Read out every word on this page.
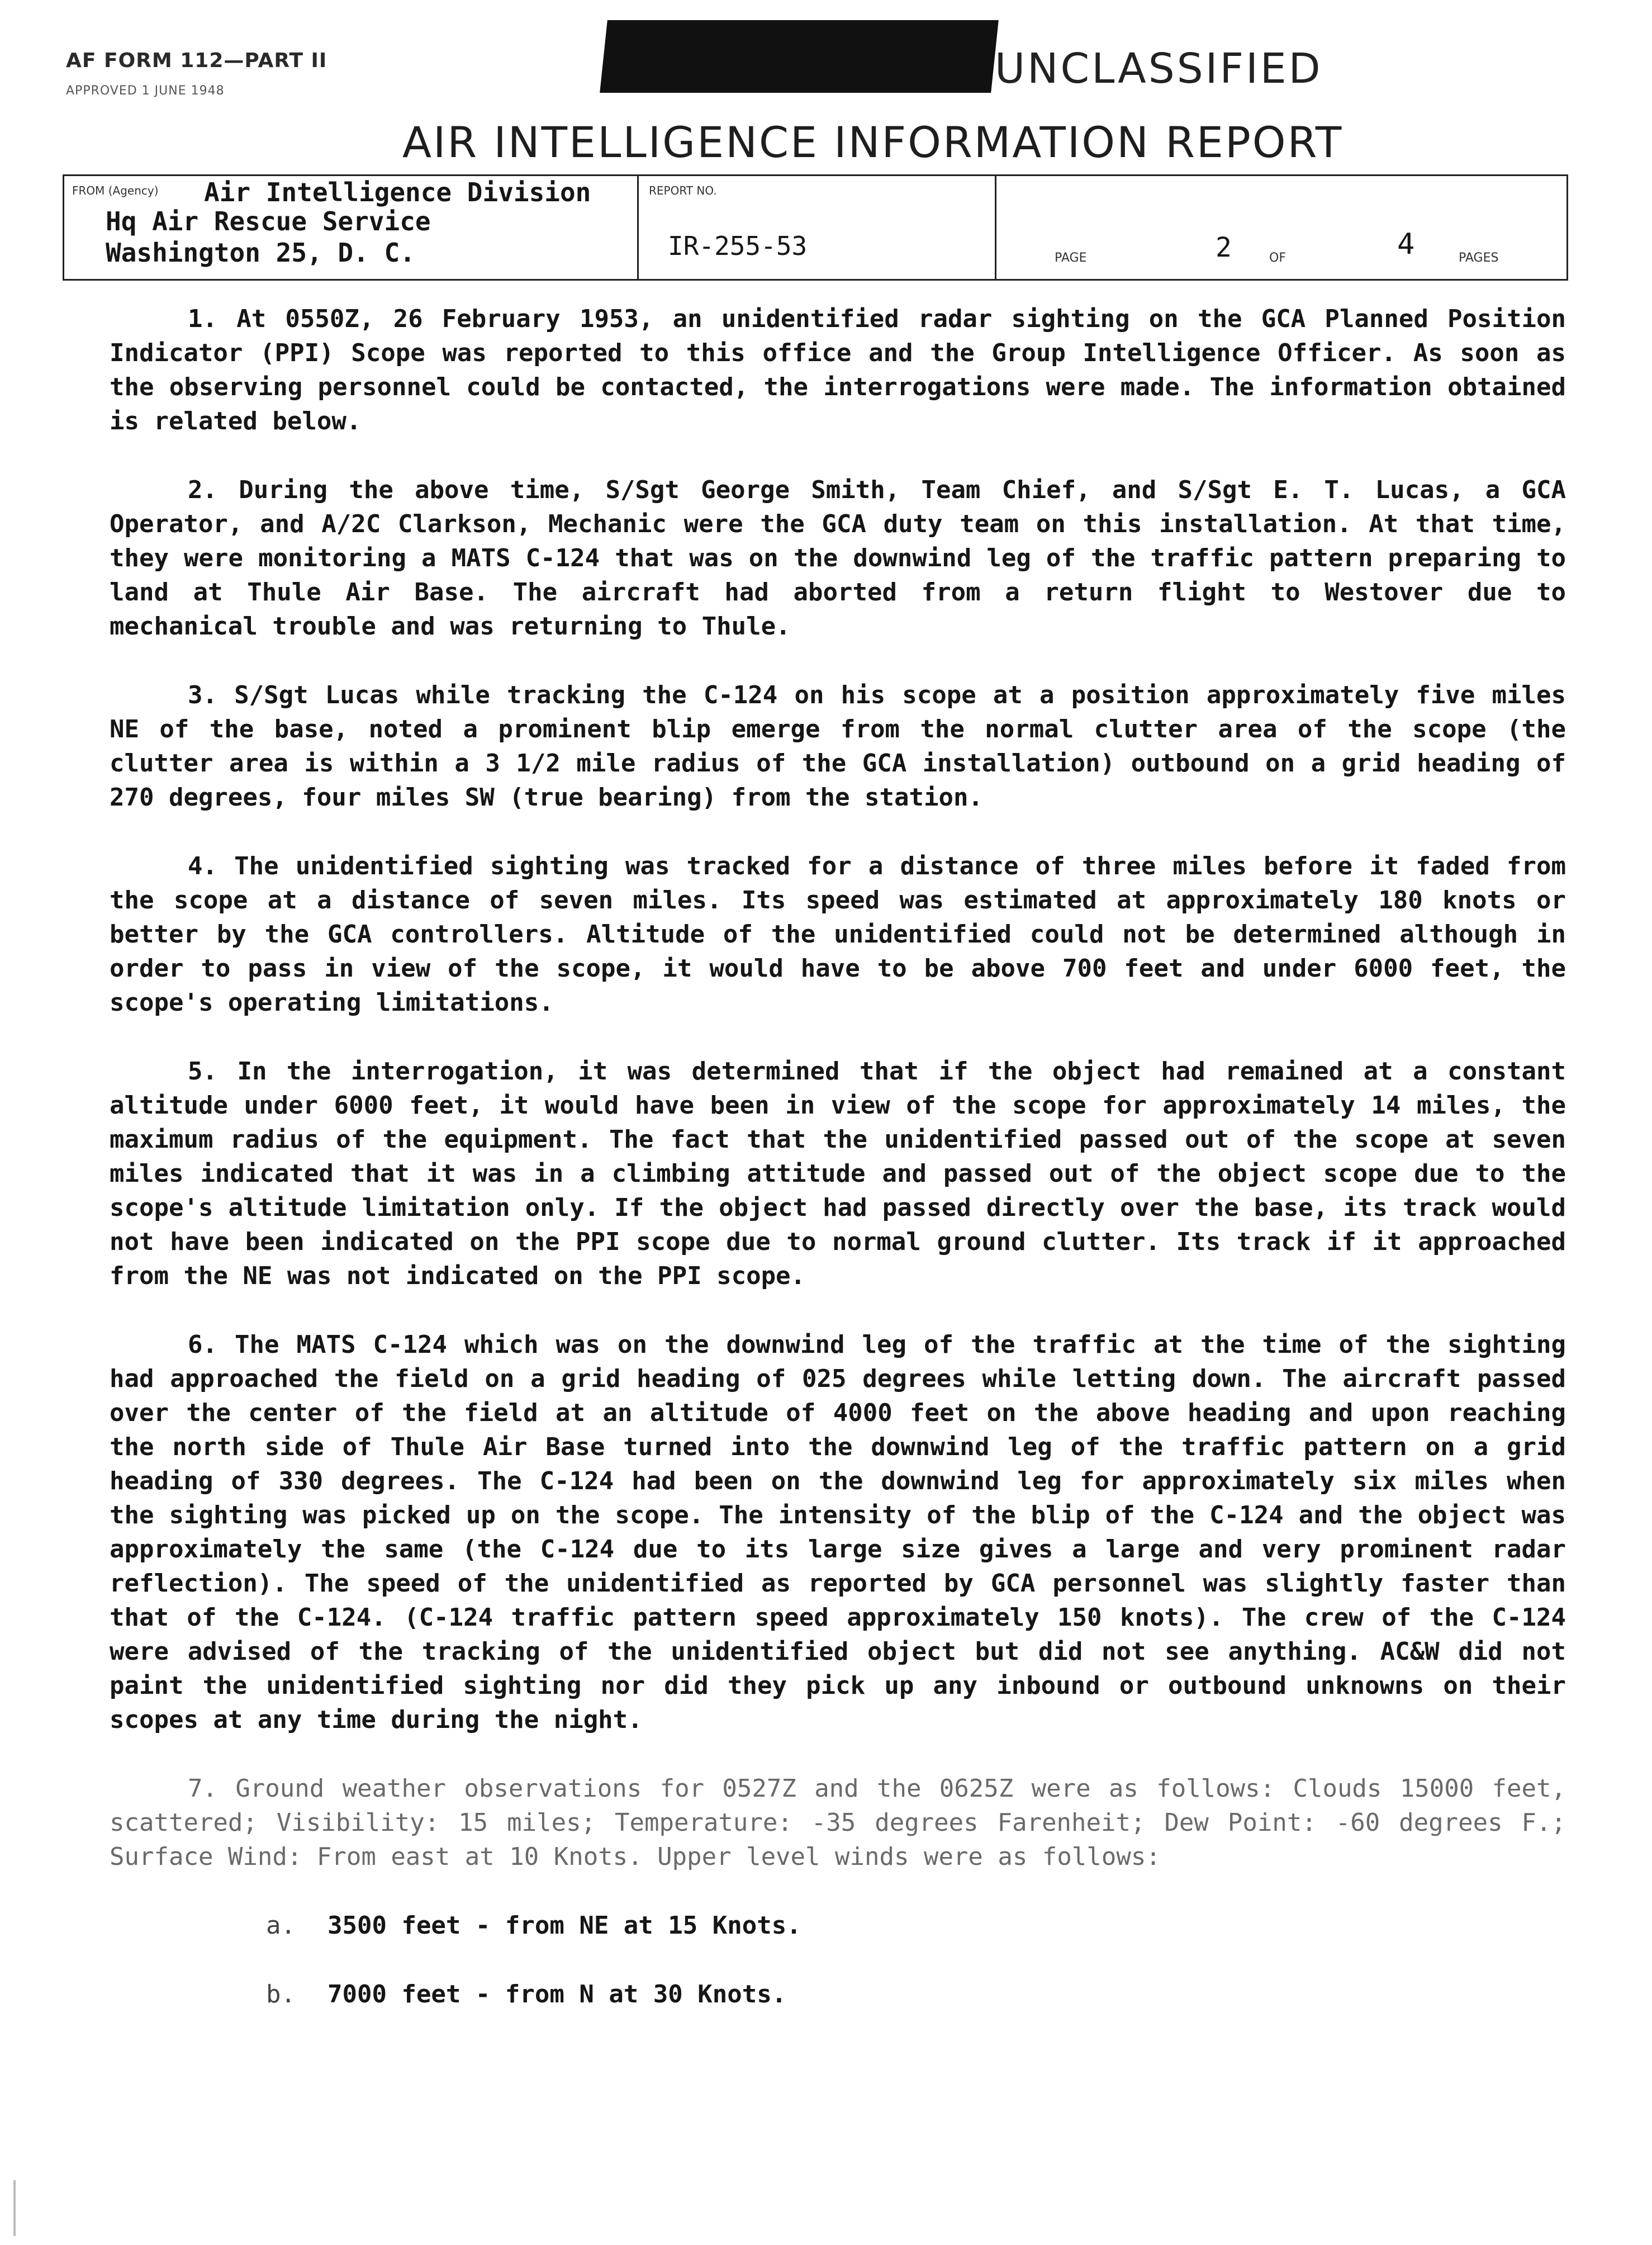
AF FORM 112—PART II
APPROVED 1 JUNE 1948	UNCLASSIFIED
AIR INTELLIGENCE INFORMATION REPORT
FROM (Agency) Air Intelligence Division
Hq Air Rescue Service
Washington 25, D. C.
REPORT NO.
IR-255-53	PAGE	2	OF	4	PAGES

1. At 0550Z, 26 February 1953, an unidentified radar sighting on the GCA Planned Position Indicator (PPI) Scope was reported to this office and the Group Intelligence Officer. As soon as the observing personnel could be contacted, the interrogations were made. The information obtained is related below.

2. During the above time, S/Sgt George Smith, Team Chief, and S/Sgt E. T. Lucas, a GCA Operator, and A/2C Clarkson, Mechanic were the GCA duty team on this installation. At that time, they were monitoring a MATS C-124 that was on the downwind leg of the traffic pattern preparing to land at Thule Air Base. The aircraft had aborted from a return flight to Westover due to mechanical trouble and was returning to Thule.

3. S/Sgt Lucas while tracking the C-124 on his scope at a position approximately five miles NE of the base, noted a prominent blip emerge from the normal clutter area of the scope (the clutter area is within a 3 1/2 mile radius of the GCA installation) outbound on a grid heading of 270 degrees, four miles SW (true bearing) from the station.

4. The unidentified sighting was tracked for a distance of three miles before it faded from the scope at a distance of seven miles. Its speed was estimated at approximately 180 knots or better by the GCA controllers. Altitude of the unidentified could not be determined although in order to pass in view of the scope, it would have to be above 700 feet and under 6000 feet, the scope's operating limitations.

5. In the interrogation, it was determined that if the object had remained at a constant altitude under 6000 feet, it would have been in view of the scope for approximately 14 miles, the maximum radius of the equipment. The fact that the unidentified passed out of the scope at seven miles indicated that it was in a climbing attitude and passed out of the object scope due to the scope's altitude limitation only. If the object had passed directly over the base, its track would not have been indicated on the PPI scope due to normal ground clutter. Its track if it approached from the NE was not indicated on the PPI scope.

6. The MATS C-124 which was on the downwind leg of the traffic at the time of the sighting had approached the field on a grid heading of 025 degrees while letting down. The aircraft passed over the center of the field at an altitude of 4000 feet on the above heading and upon reaching the north side of Thule Air Base turned into the downwind leg of the traffic pattern on a grid heading of 330 degrees. The C-124 had been on the downwind leg for approximately six miles when the sighting was picked up on the scope. The intensity of the blip of the C-124 and the object was approximately the same (the C-124 due to its large size gives a large and very prominent radar reflection). The speed of the unidentified as reported by GCA personnel was slightly faster than that of the C-124. (C-124 traffic pattern speed approximately 150 knots). The crew of the C-124 were advised of the tracking of the unidentified object but did not see anything. AC&W did not paint the unidentified sighting nor did they pick up any inbound or outbound unknowns on their scopes at any time during the night.

7. Ground weather observations for 0527Z and the 0625Z were as follows: Clouds 15000 feet, scattered; Visibility: 15 miles; Temperature: -35 degrees Farenheit; Dew Point: -60 degrees F.; Surface Wind: From east at 10 Knots. Upper level winds were as follows:

a. 3500 feet - from NE at 15 Knots.
b. 7000 feet - from N at 30 Knots.
